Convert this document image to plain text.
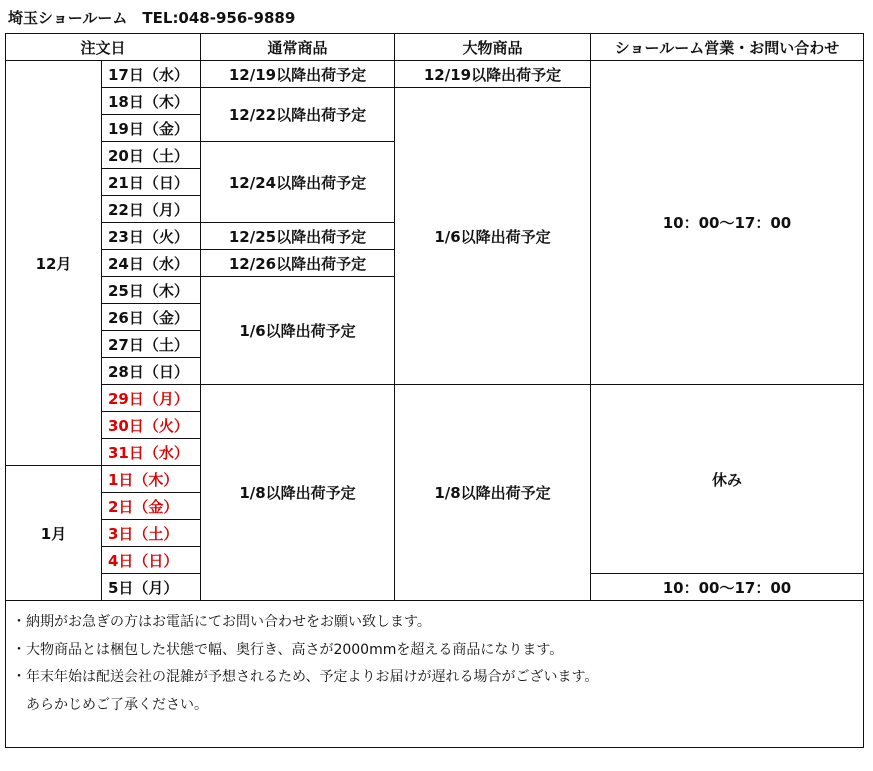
埼玉ショールーム　TEL:048-956-9889
注文日		通常商品	大物商品	ショールーム営業・お問い合わせ
12月	17日（水）	12/19以降出荷予定	12/19以降出荷予定	10：00～17：00
	18日（木）	12/22以降出荷予定	1/6以降出荷予定	
	19日（金）			
	20日（土）	12/24以降出荷予定		
	21日（日）			
	22日（月）			
	23日（火）	12/25以降出荷予定		
	24日（水）	12/26以降出荷予定		
	25日（木）	1/6以降出荷予定		
	26日（金）			
	27日（土）			
	28日（日）			
	29日（月）	1/8以降出荷予定	1/8以降出荷予定	休み
	30日（火）			
	31日（水）			
1月	1日（木）			
	2日（金）			
	3日（土）			
	4日（日）			
	5日（月）			10：00～17：00

・納期がお急ぎの方はお電話にてお問い合わせをお願い致します。
・大物商品とは梱包した状態で幅、奥行き、高さが2000mmを超える商品になります。
・年末年始は配送会社の混雑が予想されるため、予定よりお届けが遅れる場合がございます。
　あらかじめご了承ください。				
